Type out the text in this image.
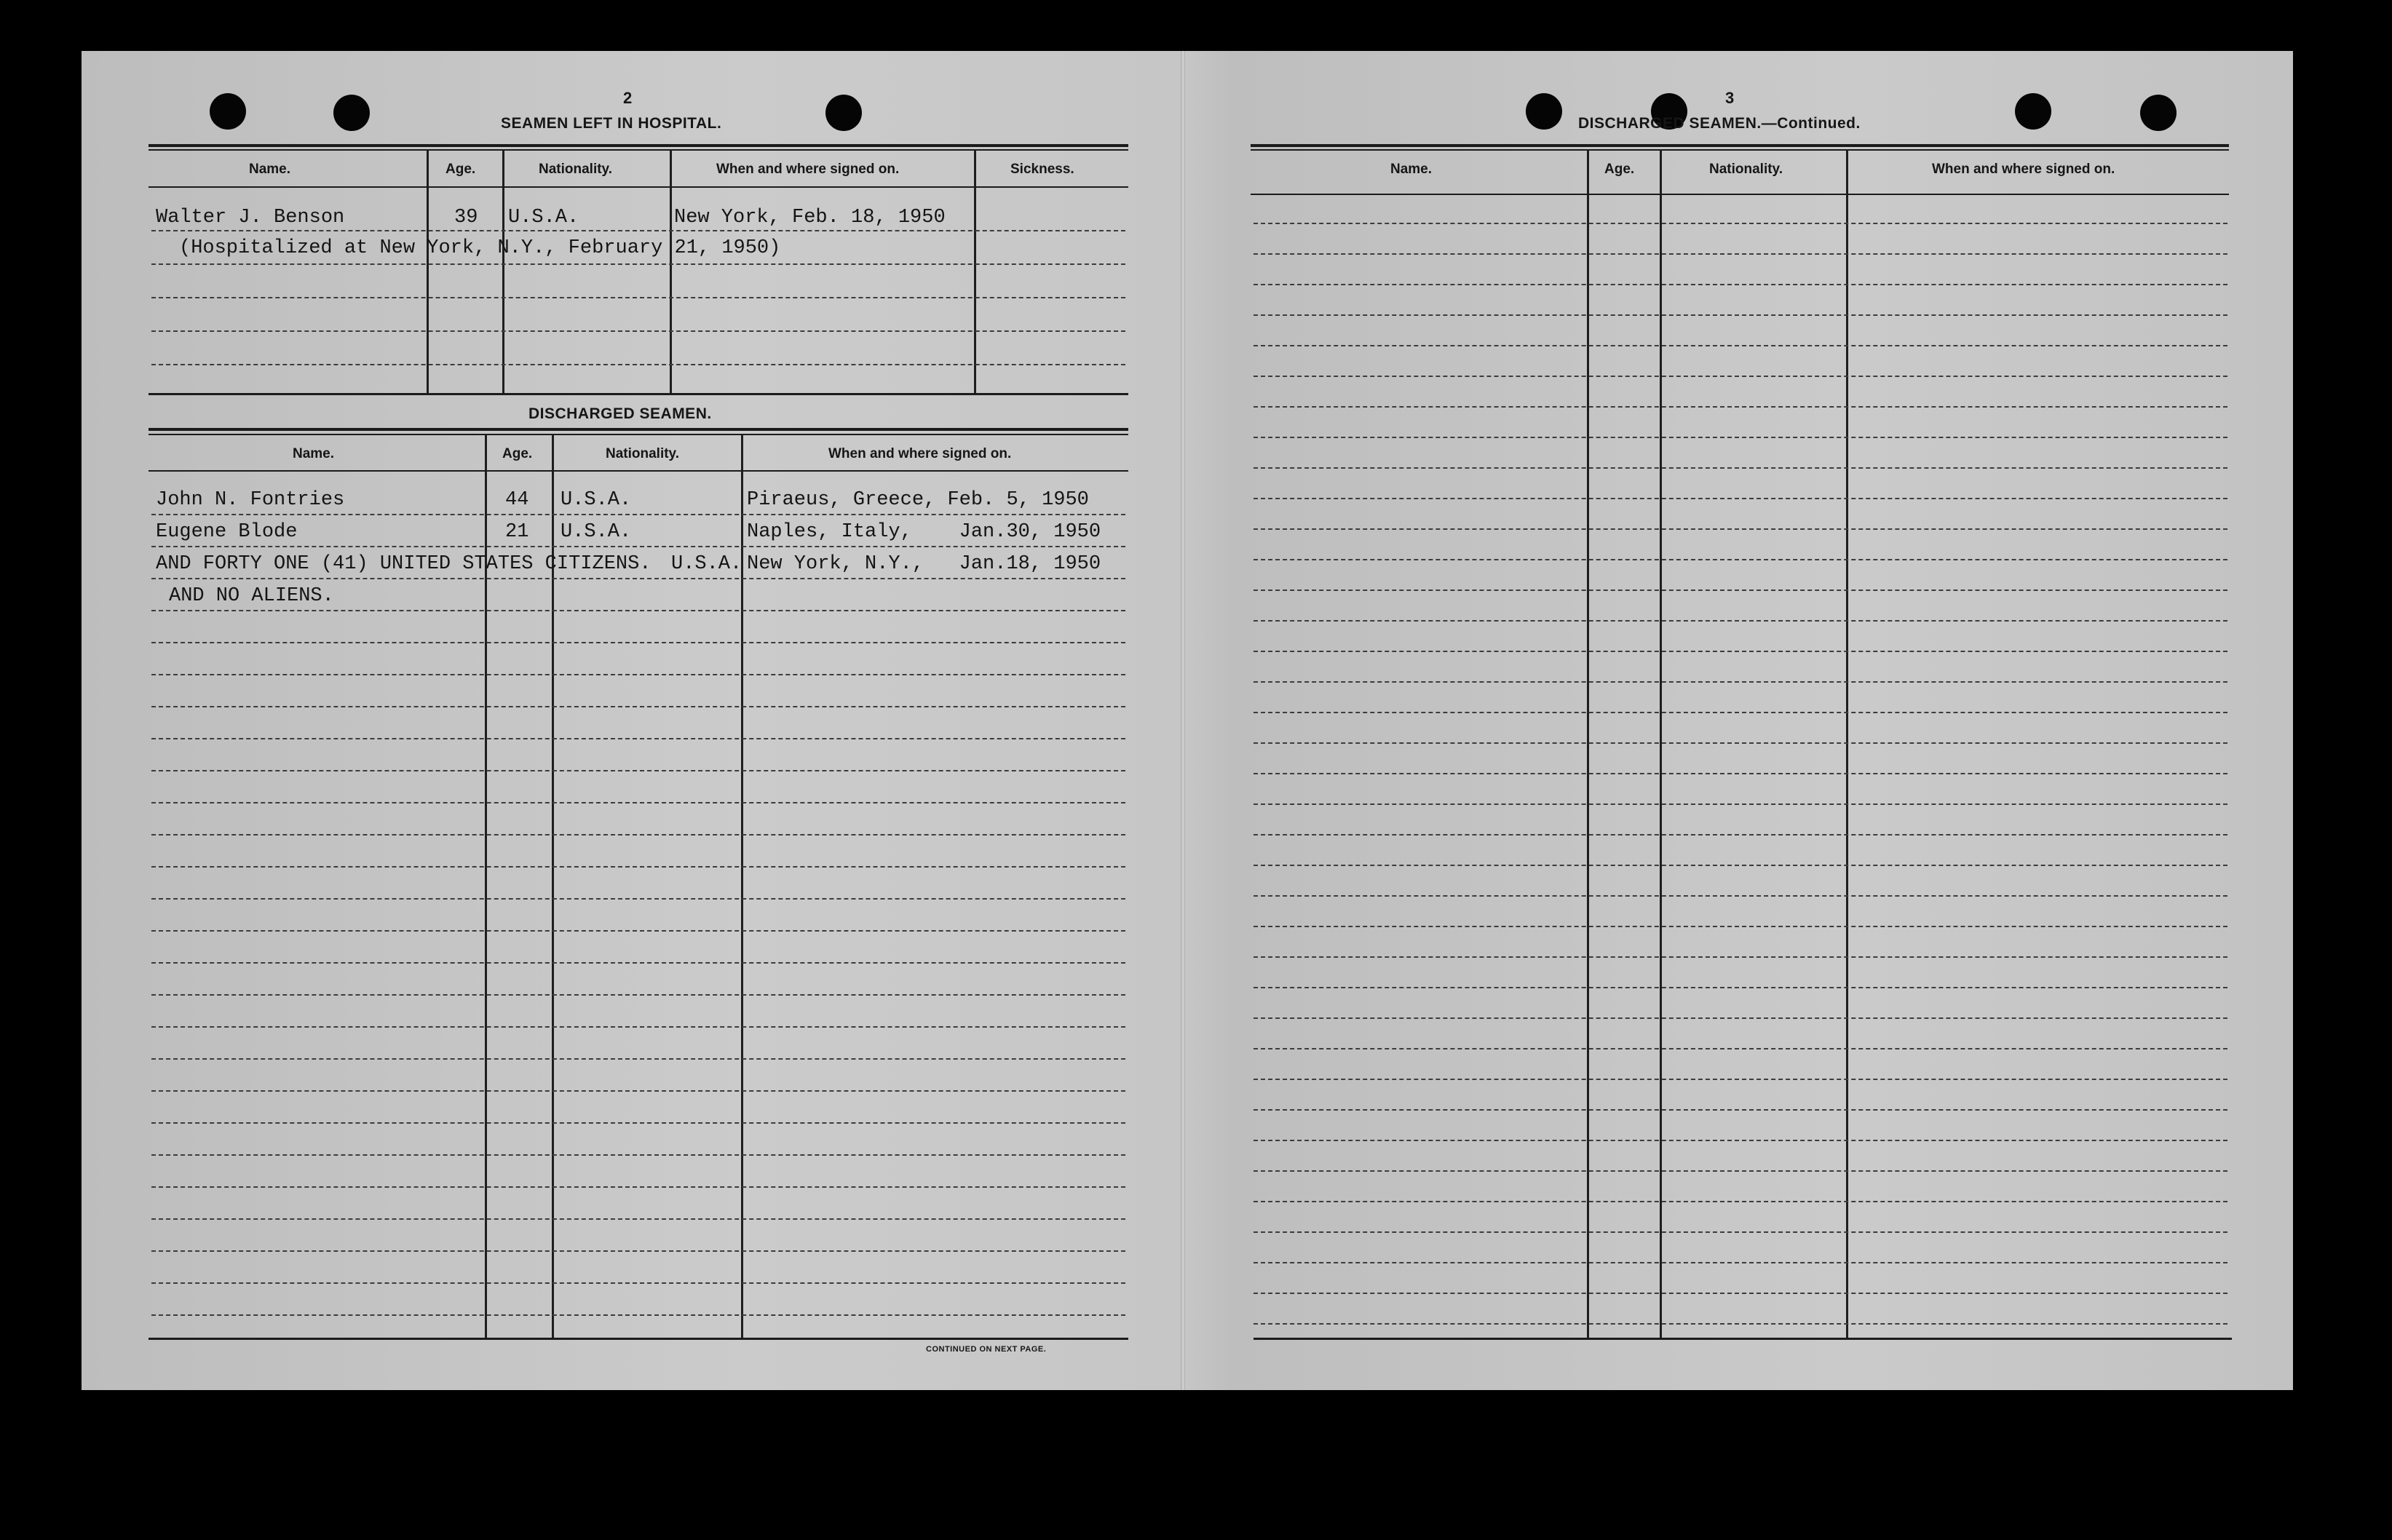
2
SEAMEN LEFT IN HOSPITAL.
Name.	Age.	Nationality.	When and where signed on.	Sickness.
Walter J. Benson	39 U.S.A.	New York, Feb. 18, 1950
(Hospitalized at New York, N.Y., February 21, 1950)
DISCHARGED SEAMEN.
Name.	Age.	Nationality.	When and where signed on.
John N. Fontries	44 U.S.A.	Piraeus, Greece, Feb. 5, 1950
Eugene Blode	21 U.S.A.	Naples, Italy,    Jan.30, 1950
AND FORTY ONE (41) UNITED STATES CITIZENS. U.S.A. New York, N.Y.,   Jan.18, 1950
AND NO ALIENS.
CONTINUED ON NEXT PAGE.
3
DISCHARGED SEAMEN.—Continued.
Name.	Age.	Nationality.	When and where signed on.
